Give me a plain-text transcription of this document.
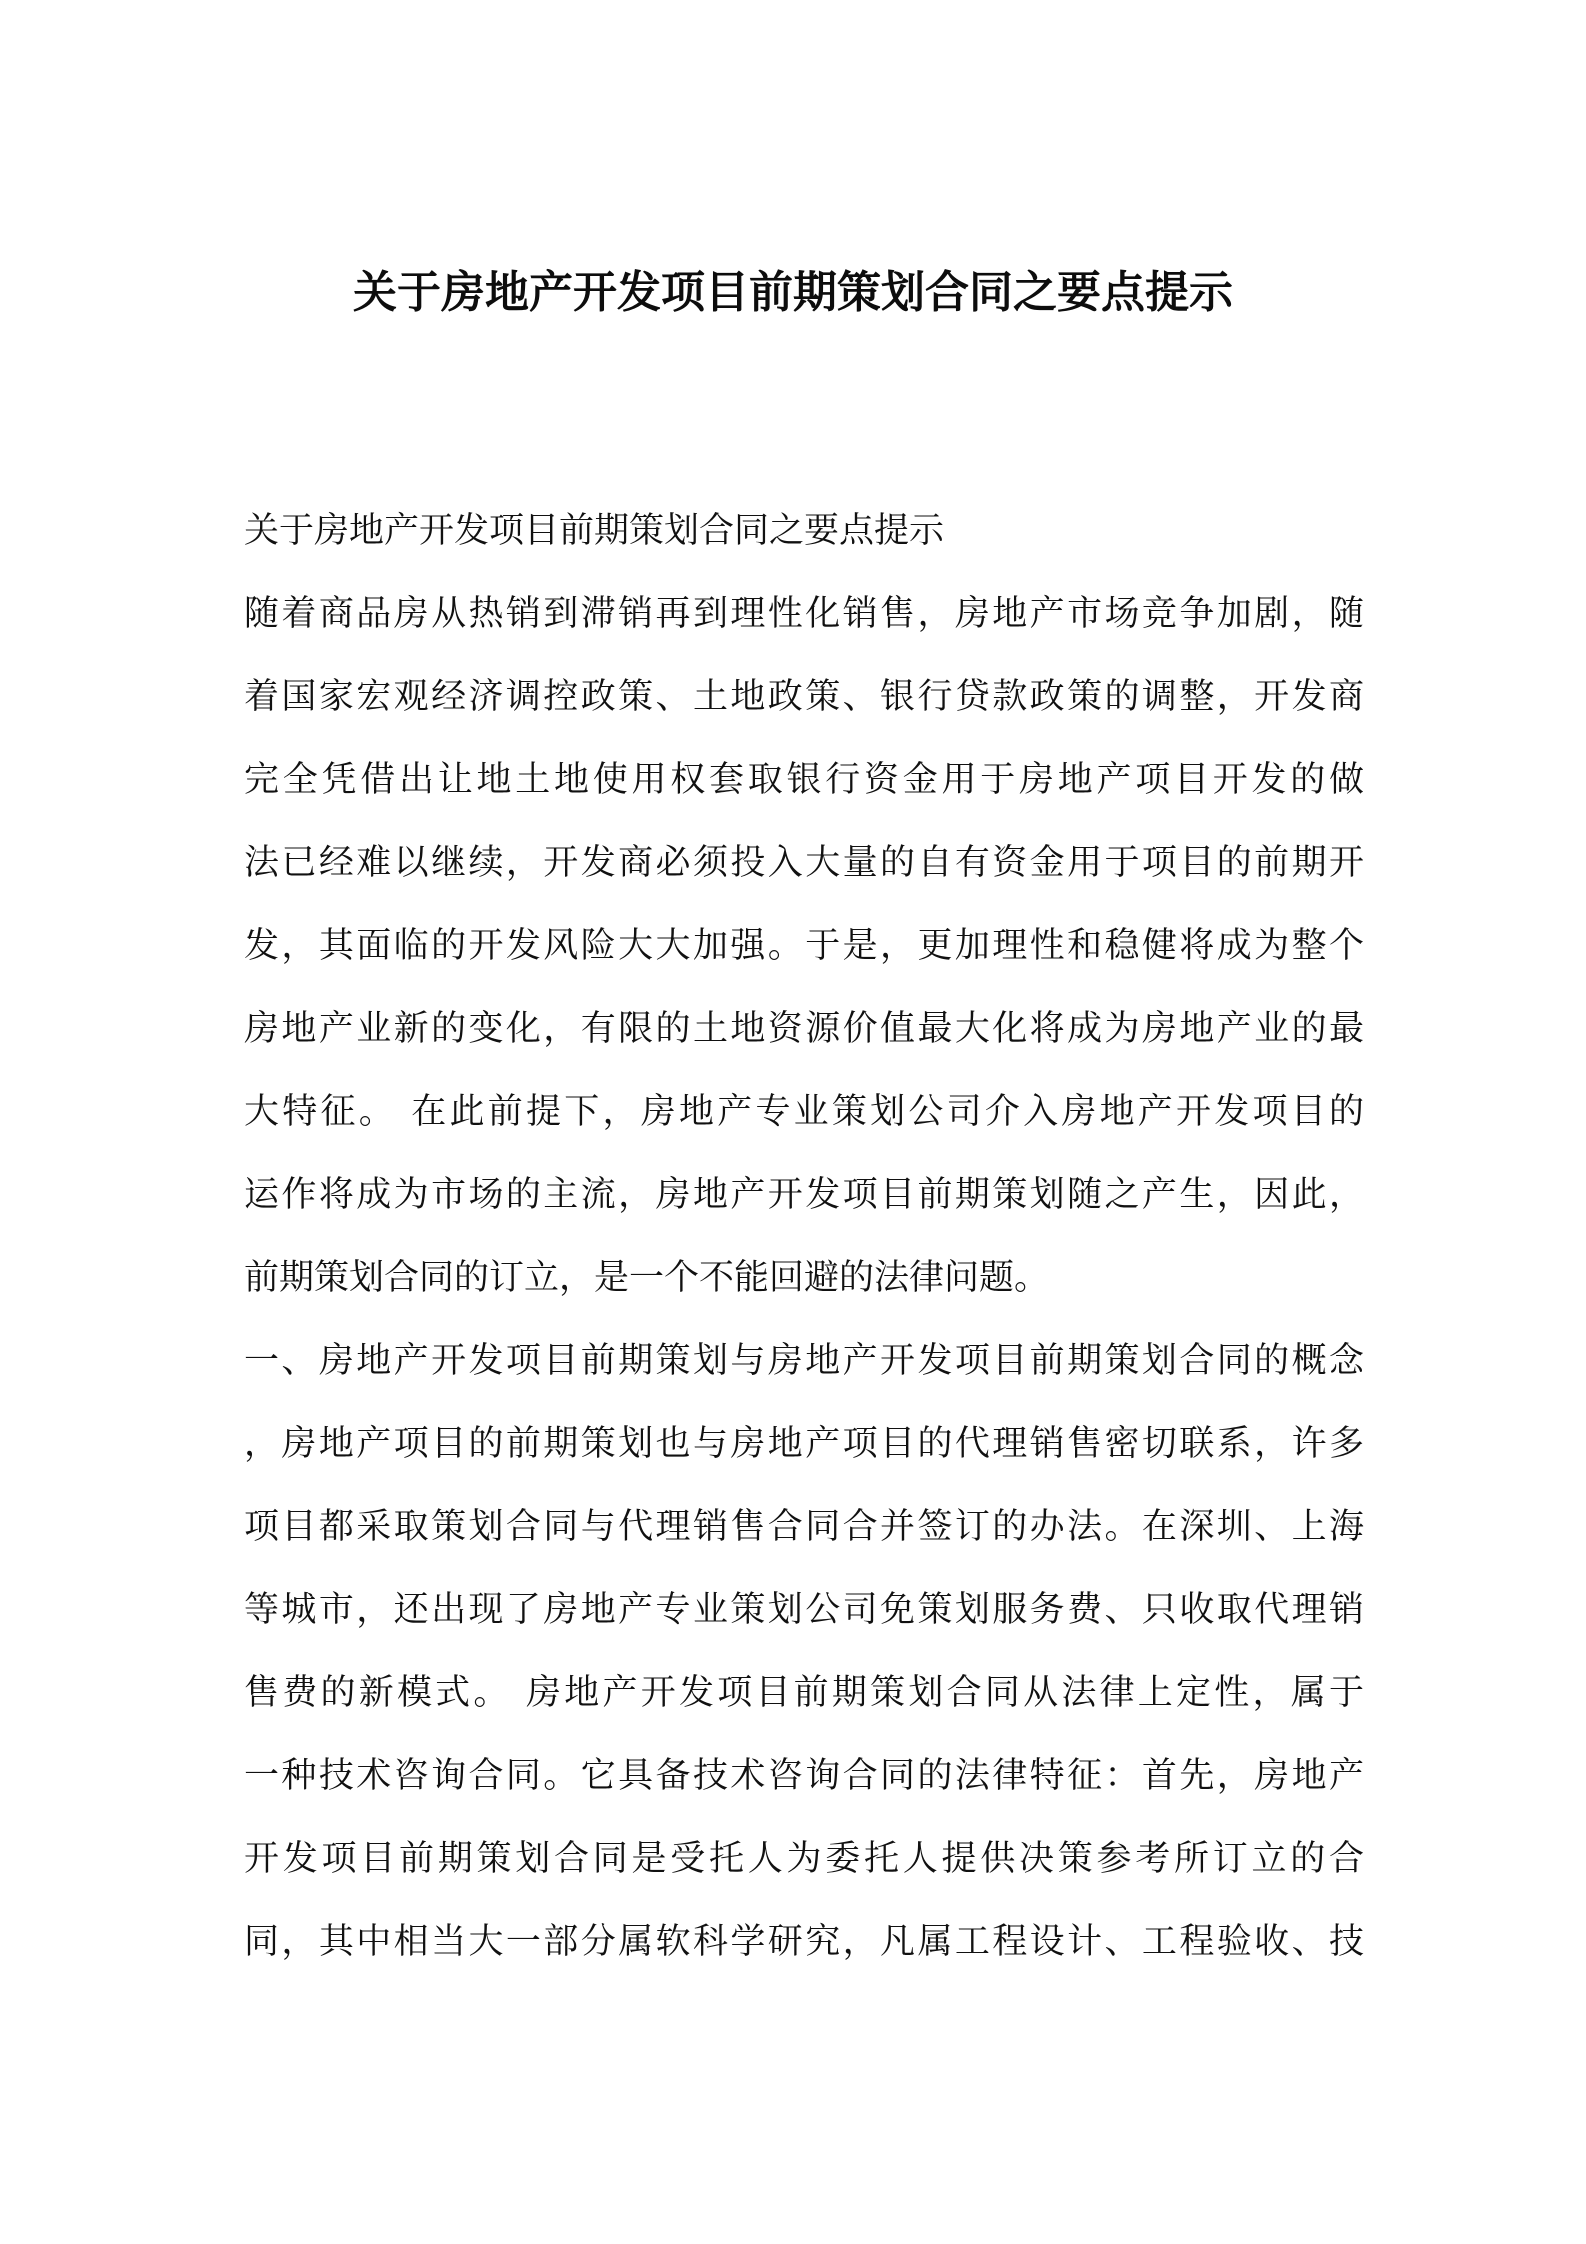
关于房地产开发项目前期策划合同之要点提示
关于房地产开发项目前期策划合同之要点提示
随着商品房从热销到滞销再到理性化销售，房地产市场竞争加剧，随
着国家宏观经济调控政策、土地政策、银行贷款政策的调整，开发商
完全凭借出让地土地使用权套取银行资金用于房地产项目开发的做
法已经难以继续，开发商必须投入大量的自有资金用于项目的前期开
发，其面临的开发风险大大加强。于是，更加理性和稳健将成为整个
房地产业新的变化，有限的土地资源价值最大化将成为房地产业的最
大特征。 在此前提下，房地产专业策划公司介入房地产开发项目的
运作将成为市场的主流，房地产开发项目前期策划随之产生，因此，
前期策划合同的订立，是一个不能回避的法律问题。
一、房地产开发项目前期策划与房地产开发项目前期策划合同的概念
，房地产项目的前期策划也与房地产项目的代理销售密切联系，许多
项目都采取策划合同与代理销售合同合并签订的办法。在深圳、上海
等城市，还出现了房地产专业策划公司免策划服务费、只收取代理销
售费的新模式。 房地产开发项目前期策划合同从法律上定性，属于
一种技术咨询合同。它具备技术咨询合同的法律特征：首先，房地产
开发项目前期策划合同是受托人为委托人提供决策参考所订立的合
同，其中相当大一部分属软科学研究，凡属工程设计、工程验收、技
